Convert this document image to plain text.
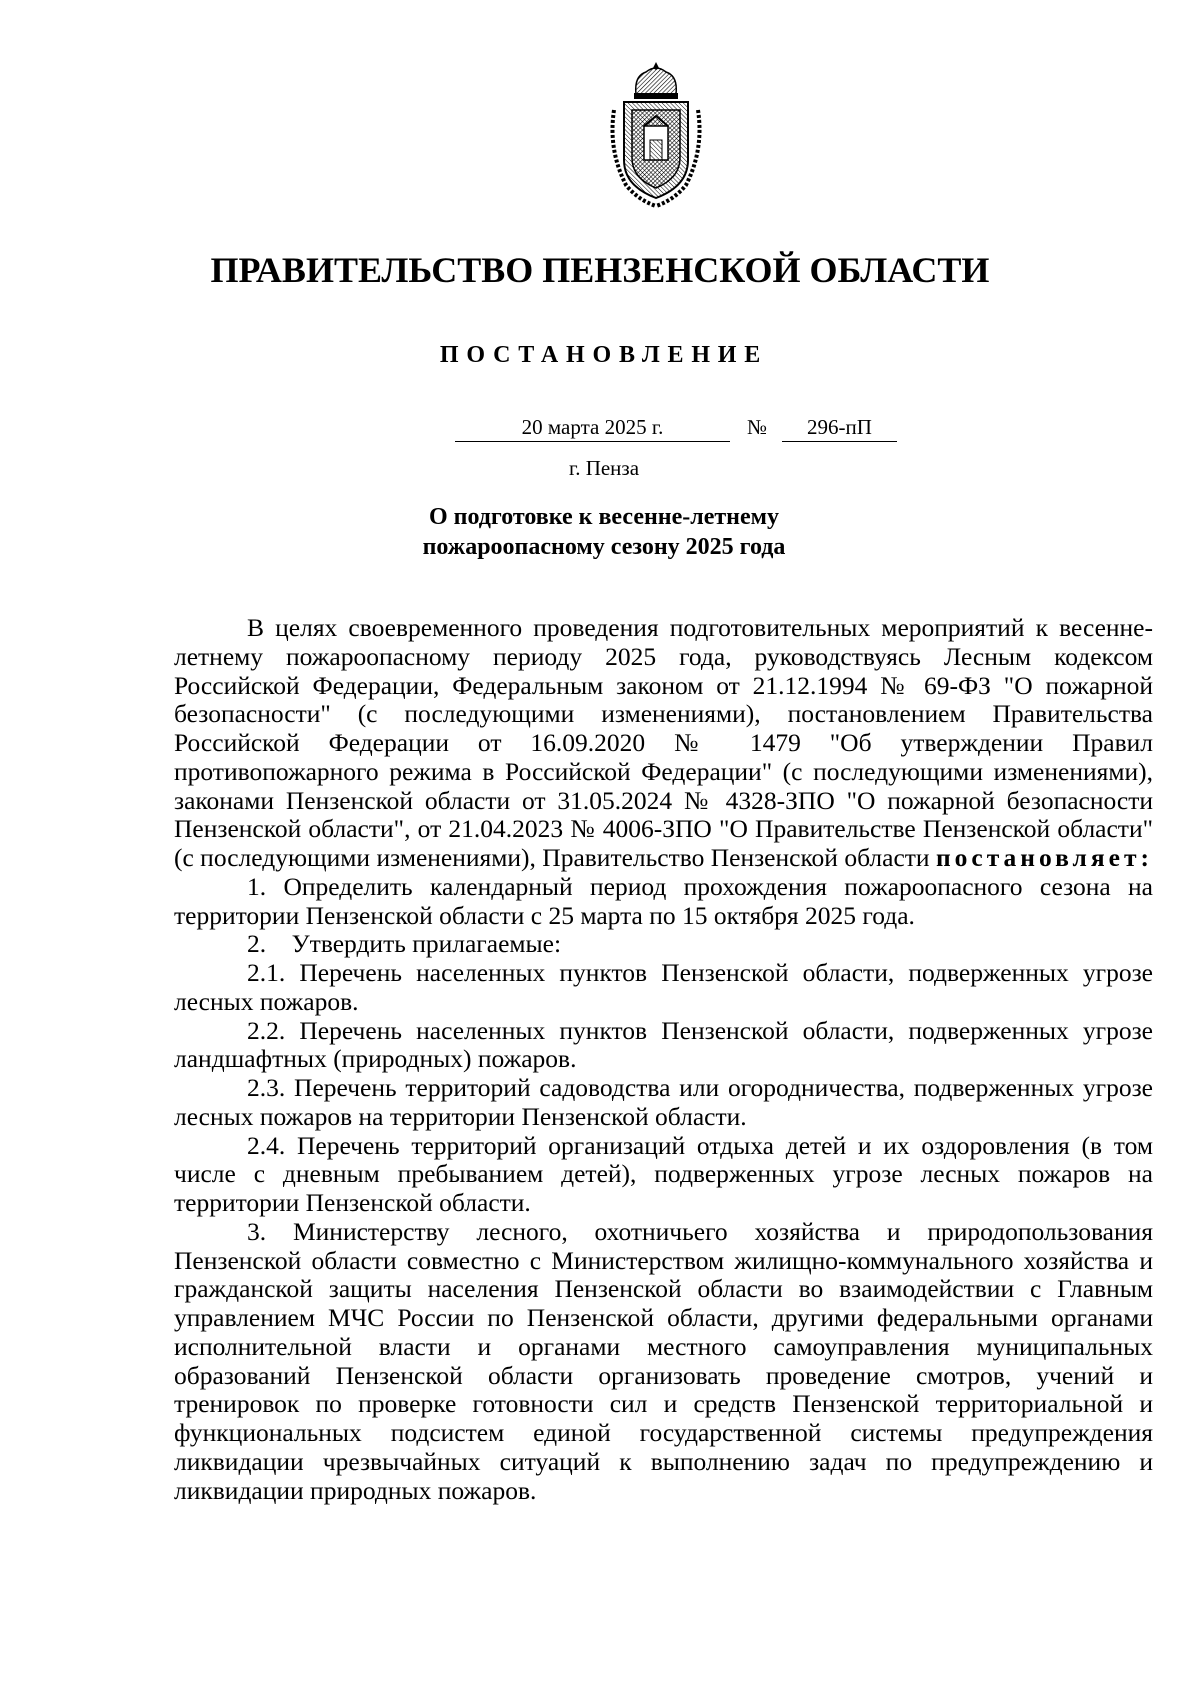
ПРАВИТЕЛЬСТВО ПЕНЗЕНСКОЙ ОБЛАСТИ
ПОСТАНОВЛЕНИЕ
20 марта 2025 г.	№	296-пП
г. Пенза
О подготовке к весенне-летнему
пожароопасному сезону 2025 года

В целях своевременного проведения подготовительных мероприятий к весенне-летнему пожароопасному периоду 2025 года, руководствуясь Лесным кодексом Российской Федерации, Федеральным законом от 21.12.1994 № 69-ФЗ "О пожарной безопасности" (с последующими изменениями), постановлением Правительства Российской Федерации от 16.09.2020 № 1479 "Об утверждении Правил противопожарного режима в Российской Федерации" (с последующими изменениями), законами Пензенской области от 31.05.2024 № 4328-ЗПО "О пожарной безопасности Пензенской области", от 21.04.2023 № 4006-ЗПО "О Правительстве Пензенской области" (с последующими изменениями), Правительство Пензенской области постановляет:

1. Определить календарный период прохождения пожароопасного сезона на территории Пензенской области с 25 марта по 15 октября 2025 года.

2. Утвердить прилагаемые:

2.1. Перечень населенных пунктов Пензенской области, подверженных угрозе лесных пожаров.

2.2. Перечень населенных пунктов Пензенской области, подверженных угрозе ландшафтных (природных) пожаров.

2.3. Перечень территорий садоводства или огородничества, подверженных угрозе лесных пожаров на территории Пензенской области.

2.4. Перечень территорий организаций отдыха детей и их оздоровления (в том числе с дневным пребыванием детей), подверженных угрозе лесных пожаров на территории Пензенской области.

3. Министерству лесного, охотничьего хозяйства и природопользования Пензенской области совместно с Министерством жилищно-коммунального хозяйства и гражданской защиты населения Пензенской области во взаимодействии с Главным управлением МЧС России по Пензенской области, другими федеральными органами исполнительной власти и органами местного самоуправления муниципальных образований Пензенской области организовать проведение смотров, учений и тренировок по проверке готовности сил и средств Пензенской территориальной и функциональных подсистем единой государственной системы предупреждения ликвидации чрезвычайных ситуаций к выполнению задач по предупреждению и ликвидации природных пожаров.
